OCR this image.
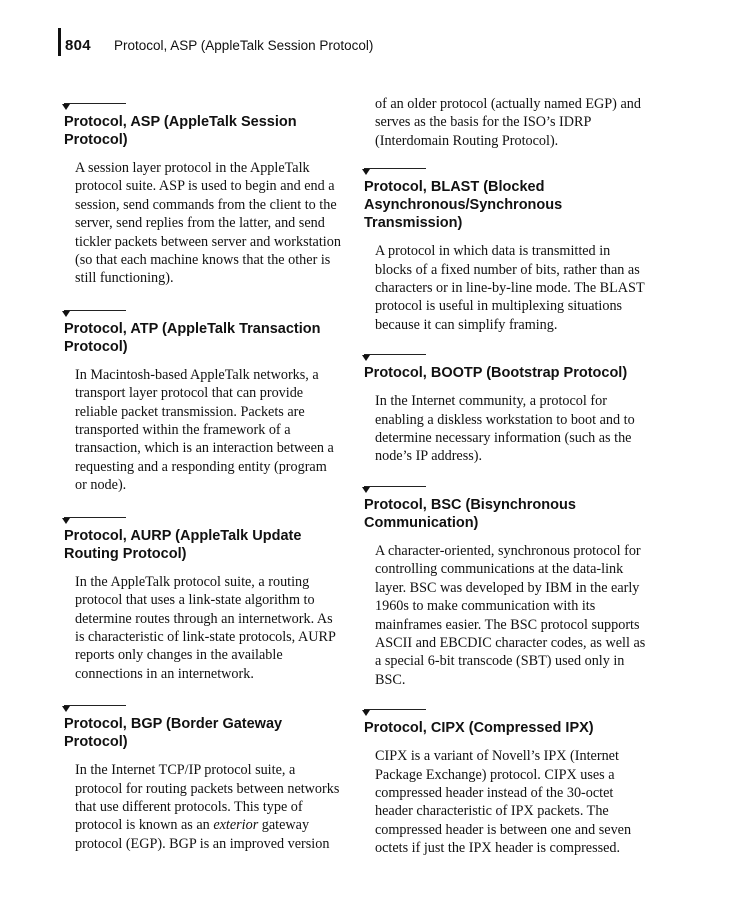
804 Protocol, ASP (AppleTalk Session Protocol)

Protocol, ASP (AppleTalk Session Protocol)

A session layer protocol in the AppleTalk protocol suite. ASP is used to begin and end a session, send commands from the client to the server, send replies from the latter, and send tickler packets between server and workstation (so that each machine knows that the other is still functioning).

Protocol, ATP (AppleTalk Transaction Protocol)

In Macintosh-based AppleTalk networks, a transport layer protocol that can provide reliable packet transmission. Packets are transported within the framework of a transaction, which is an interaction between a requesting and a responding entity (program or node).

Protocol, AURP (AppleTalk Update Routing Protocol)

In the AppleTalk protocol suite, a routing protocol that uses a link-state algorithm to determine routes through an internetwork. As is characteristic of link-state protocols, AURP reports only changes in the available connections in an internetwork.

Protocol, BGP (Border Gateway Protocol)

In the Internet TCP/IP protocol suite, a protocol for routing packets between networks that use different protocols. This type of protocol is known as an exterior gateway protocol (EGP). BGP is an improved version

of an older protocol (actually named EGP) and serves as the basis for the ISO’s IDRP (Interdomain Routing Protocol).

Protocol, BLAST (Blocked Asynchronous/Synchronous Transmission)

A protocol in which data is transmitted in blocks of a fixed number of bits, rather than as characters or in line-by-line mode. The BLAST protocol is useful in multiplexing situations because it can simplify framing.

Protocol, BOOTP (Bootstrap Protocol)

In the Internet community, a protocol for enabling a diskless workstation to boot and to determine necessary information (such as the node’s IP address).

Protocol, BSC (Bisynchronous Communication)

A character-oriented, synchronous protocol for controlling communications at the data-link layer. BSC was developed by IBM in the early 1960s to make communication with its mainframes easier. The BSC protocol supports ASCII and EBCDIC character codes, as well as a special 6-bit transcode (SBT) used only in BSC.

Protocol, CIPX (Compressed IPX)

CIPX is a variant of Novell’s IPX (Internet Package Exchange) protocol. CIPX uses a compressed header instead of the 30-octet header characteristic of IPX packets. The compressed header is between one and seven octets if just the IPX header is compressed.
